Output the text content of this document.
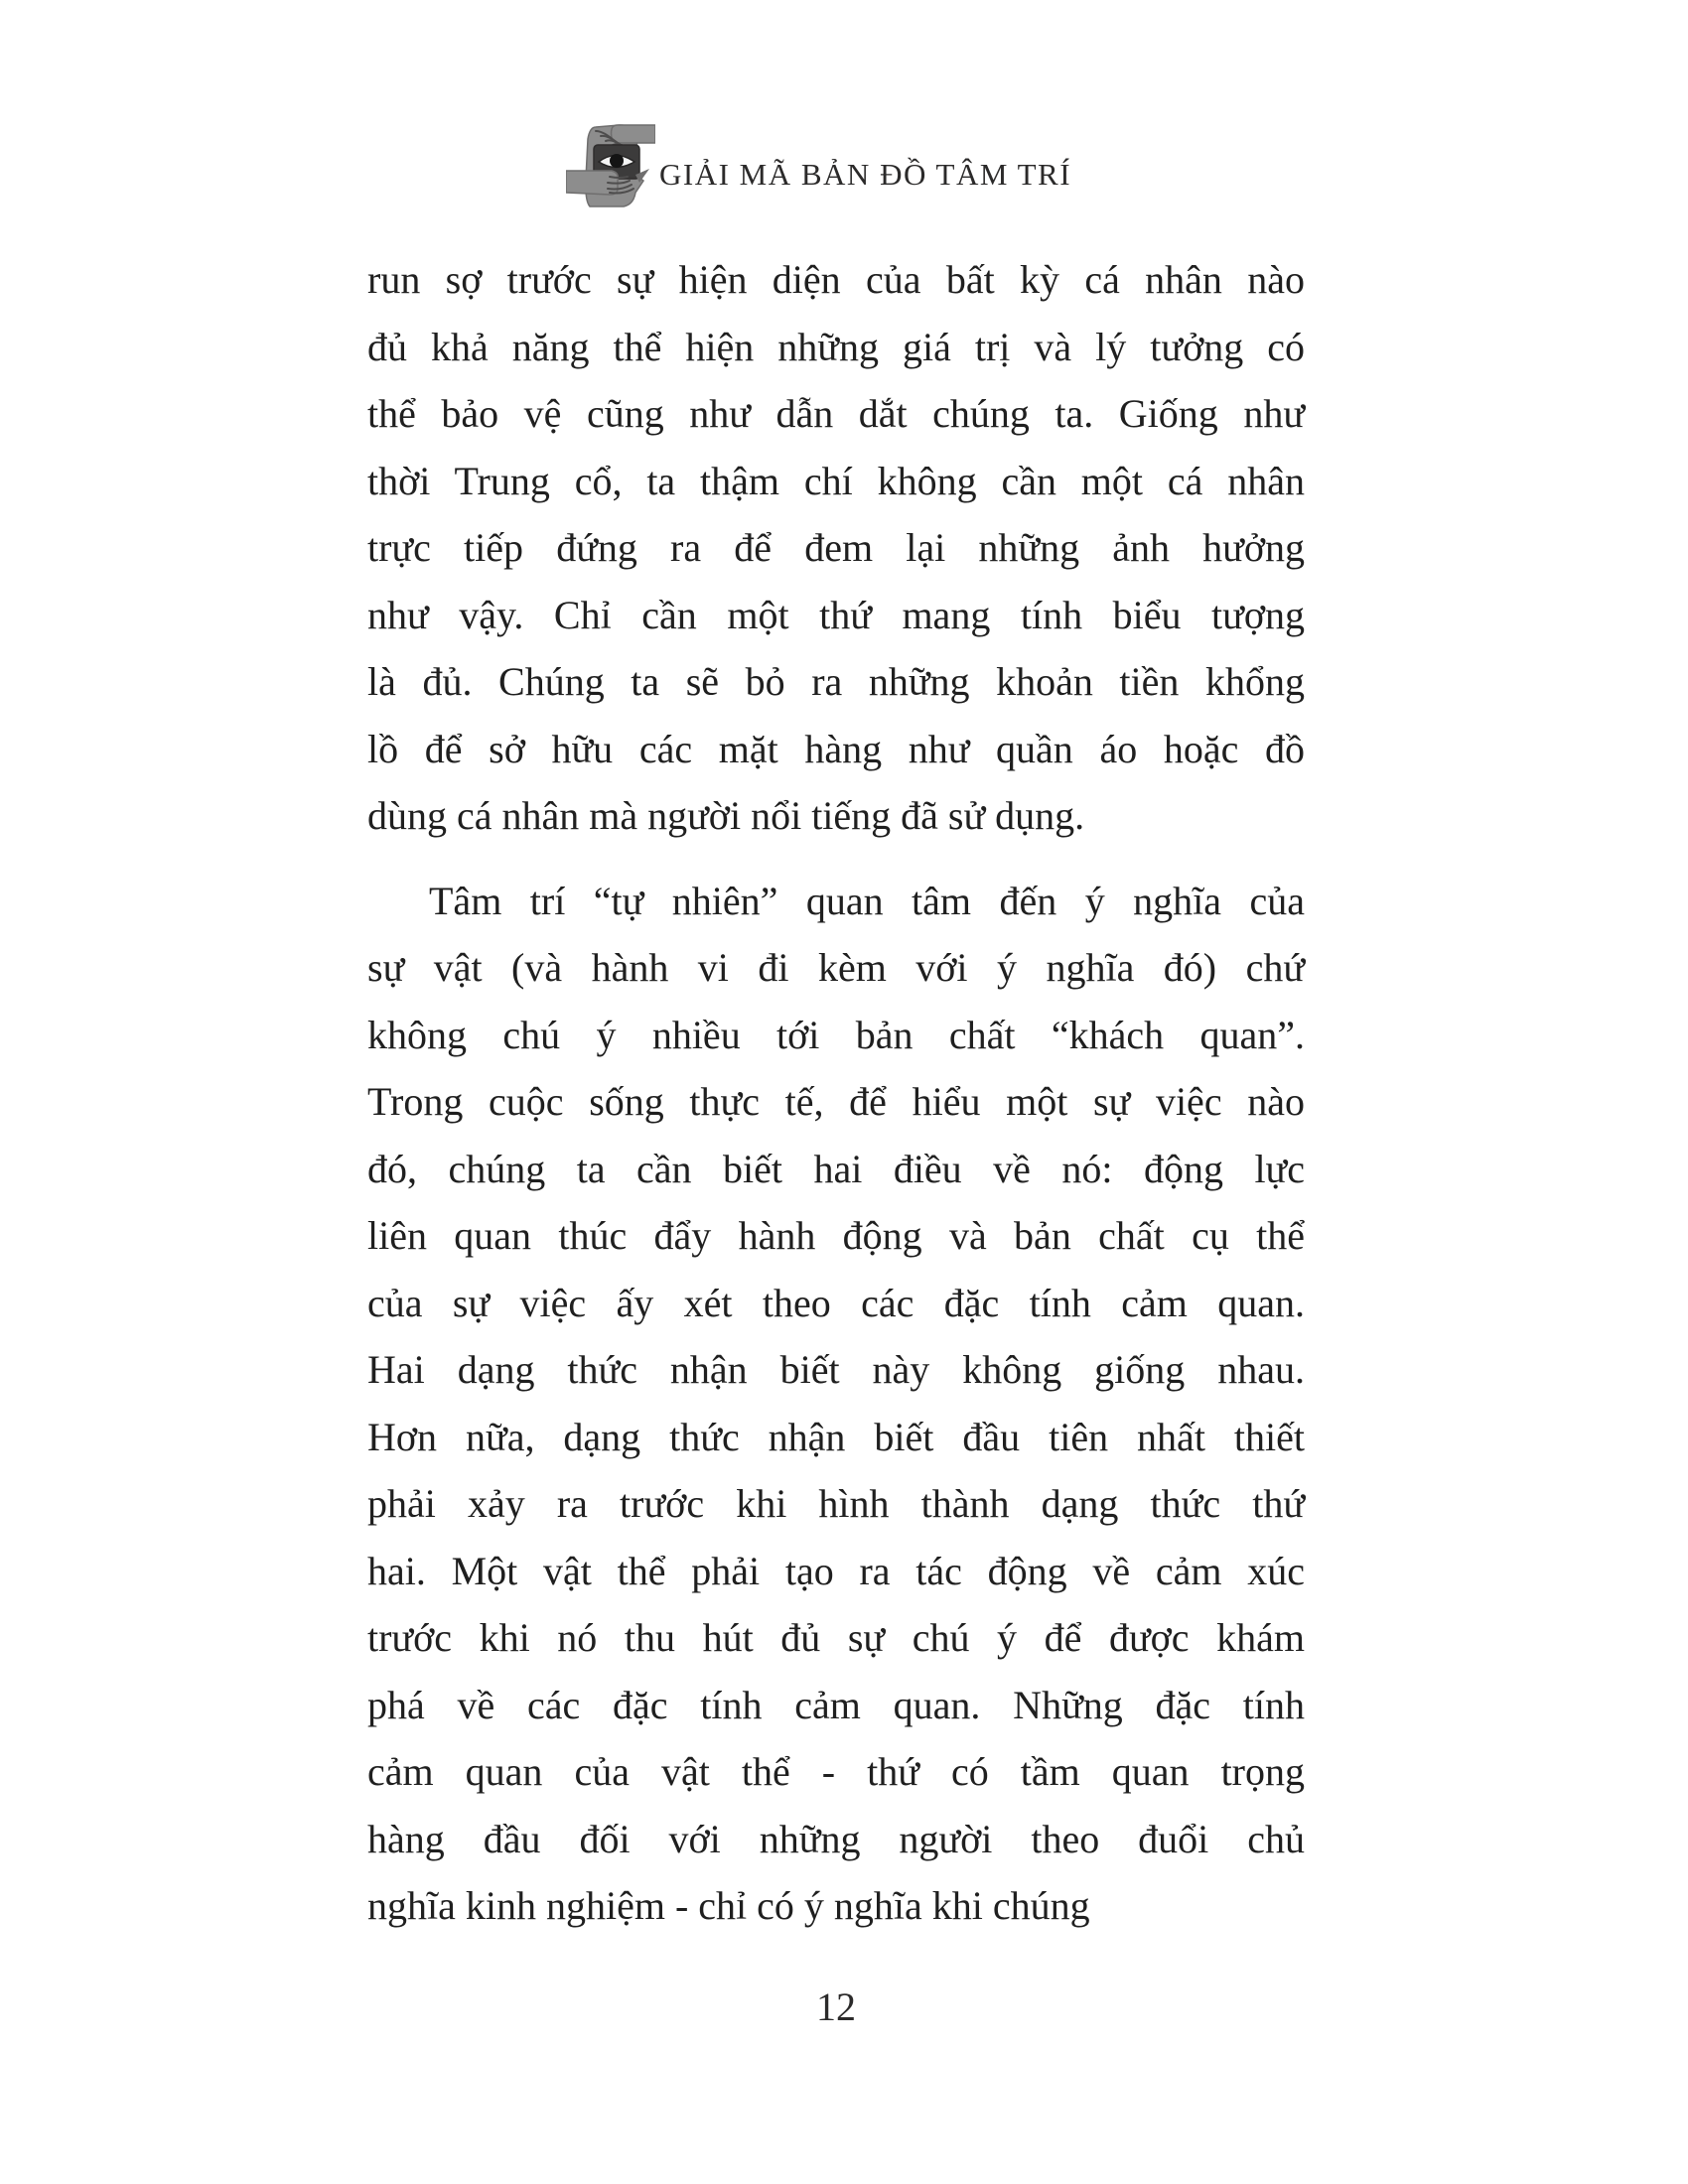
GIẢI MÃ BẢN ĐỒ TÂM TRÍ
run sợ trước sự hiện diện của bất kỳ cá nhân nào
đủ khả năng thể hiện những giá trị và lý tưởng có
thể bảo vệ cũng như dẫn dắt chúng ta. Giống như
thời Trung cổ, ta thậm chí không cần một cá nhân
trực tiếp đứng ra để đem lại những ảnh hưởng
như vậy. Chỉ cần một thứ mang tính biểu tượng
là đủ. Chúng ta sẽ bỏ ra những khoản tiền khổng
lồ để sở hữu các mặt hàng như quần áo hoặc đồ
dùng cá nhân mà người nổi tiếng đã sử dụng.
Tâm trí “tự nhiên” quan tâm đến ý nghĩa của
sự vật (và hành vi đi kèm với ý nghĩa đó) chứ
không chú ý nhiều tới bản chất “khách quan”.
Trong cuộc sống thực tế, để hiểu một sự việc nào
đó, chúng ta cần biết hai điều về nó: động lực
liên quan thúc đẩy hành động và bản chất cụ thể
của sự việc ấy xét theo các đặc tính cảm quan.
Hai dạng thức nhận biết này không giống nhau.
Hơn nữa, dạng thức nhận biết đầu tiên nhất thiết
phải xảy ra trước khi hình thành dạng thức thứ
hai. Một vật thể phải tạo ra tác động về cảm xúc
trước khi nó thu hút đủ sự chú ý để được khám
phá về các đặc tính cảm quan. Những đặc tính
cảm quan của vật thể - thứ có tầm quan trọng
hàng đầu đối với những người theo đuổi chủ
nghĩa kinh nghiệm - chỉ có ý nghĩa khi chúng
12
